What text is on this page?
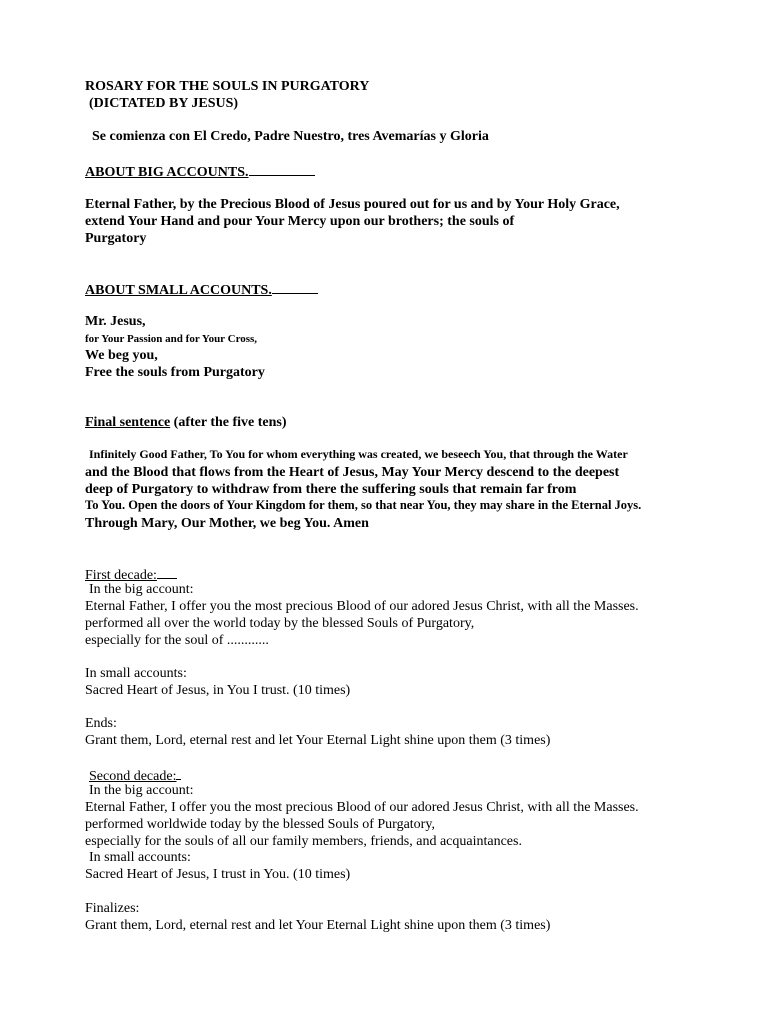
ROSARY FOR THE SOULS IN PURGATORY
(DICTATED BY JESUS)
Se comienza con El Credo, Padre Nuestro, tres Avemarías y Gloria
ABOUT BIG ACCOUNTS.
Eternal Father, by the Precious Blood of Jesus poured out for us and by Your Holy Grace,
extend Your Hand and pour Your Mercy upon our brothers; the souls of
Purgatory
ABOUT SMALL ACCOUNTS.
Mr. Jesus,
for Your Passion and for Your Cross,
We beg you,
Free the souls from Purgatory
Final sentence (after the five tens)
Infinitely Good Father, To You for whom everything was created, we beseech You, that through the Water
and the Blood that flows from the Heart of Jesus, May Your Mercy descend to the deepest
deep of Purgatory to withdraw from there the suffering souls that remain far from
To You. Open the doors of Your Kingdom for them, so that near You, they may share in the Eternal Joys.
Through Mary, Our Mother, we beg You. Amen
First decade:
In the big account:
Eternal Father, I offer you the most precious Blood of our adored Jesus Christ, with all the Masses.
performed all over the world today by the blessed Souls of Purgatory,
especially for the soul of ............
In small accounts:
Sacred Heart of Jesus, in You I trust. (10 times)
Ends:
Grant them, Lord, eternal rest and let Your Eternal Light shine upon them (3 times)
Second decade:
In the big account:
Eternal Father, I offer you the most precious Blood of our adored Jesus Christ, with all the Masses.
performed worldwide today by the blessed Souls of Purgatory,
especially for the souls of all our family members, friends, and acquaintances.
In small accounts:
Sacred Heart of Jesus, I trust in You. (10 times)
Finalizes:
Grant them, Lord, eternal rest and let Your Eternal Light shine upon them (3 times)
